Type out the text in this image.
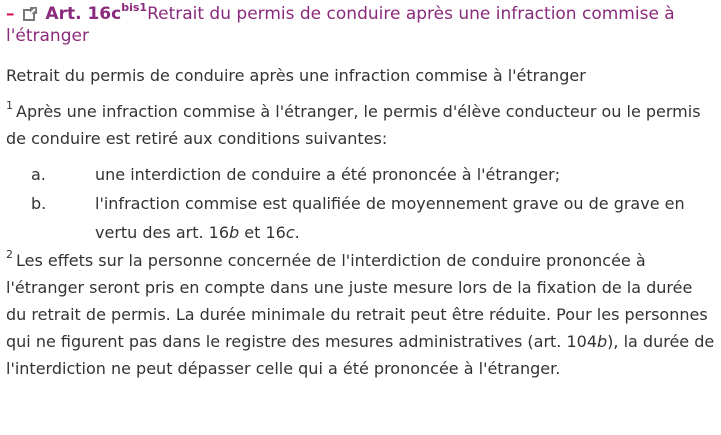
– Art. $16c^{bis1}Retrait$ du permis de conduire après une infraction commise à l'étranger

Retrait du permis de conduire après une infraction commise à l'étranger

$^1$ Après une infraction commise à l'étranger, le permis d'élève conducteur ou le permis de conduire est retiré aux conditions suivantes:

a.	une interdiction de conduire a été prononcée à l'étranger;
b.	l'infraction commise est qualifiée de moyennement grave ou de grave en vertu des art. 16b et 16c.

$^2$ Les effets sur la personne concernée de l'interdiction de conduire prononcée à l'étranger seront pris en compte dans une juste mesure lors de la fixation de la durée du retrait de permis. La durée minimale du retrait peut être réduite. Pour les personnes qui ne figurent pas dans le registre des mesures administratives (art. 104b), la durée de l'interdiction ne peut dépasser celle qui a été prononcée à l'étranger.
